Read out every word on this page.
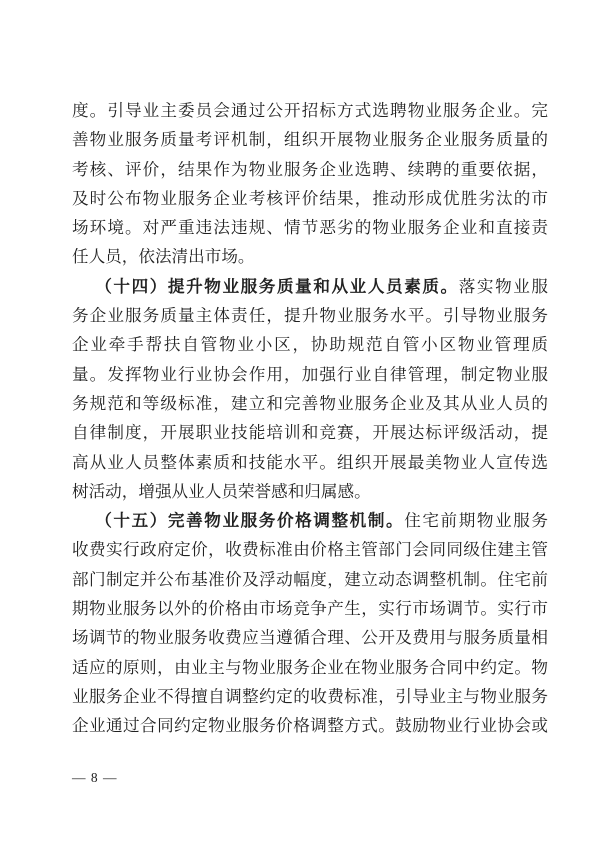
度。引导业主委员会通过公开招标方式选聘物业服务企业。完
善物业服务质量考评机制，组织开展物业服务企业服务质量的
考核、评价，结果作为物业服务企业选聘、续聘的重要依据，
及时公布物业服务企业考核评价结果，推动形成优胜劣汰的市
场环境。对严重违法违规、情节恶劣的物业服务企业和直接责
任人员，依法清出市场。
（十四）提升物业服务质量和从业人员素质。落实物业服
务企业服务质量主体责任，提升物业服务水平。引导物业服务
企业牵手帮扶自管物业小区，协助规范自管小区物业管理质
量。发挥物业行业协会作用，加强行业自律管理，制定物业服
务规范和等级标准，建立和完善物业服务企业及其从业人员的
自律制度，开展职业技能培训和竞赛，开展达标评级活动，提
高从业人员整体素质和技能水平。组织开展最美物业人宣传选
树活动，增强从业人员荣誉感和归属感。
（十五）完善物业服务价格调整机制。住宅前期物业服务
收费实行政府定价，收费标准由价格主管部门会同同级住建主管
部门制定并公布基准价及浮动幅度，建立动态调整机制。住宅前
期物业服务以外的价格由市场竞争产生，实行市场调节。实行市
场调节的物业服务收费应当遵循合理、公开及费用与服务质量相
适应的原则，由业主与物业服务企业在物业服务合同中约定。物
业服务企业不得擅自调整约定的收费标准，引导业主与物业服务
企业通过合同约定物业服务价格调整方式。鼓励物业行业协会或
— 8 —
